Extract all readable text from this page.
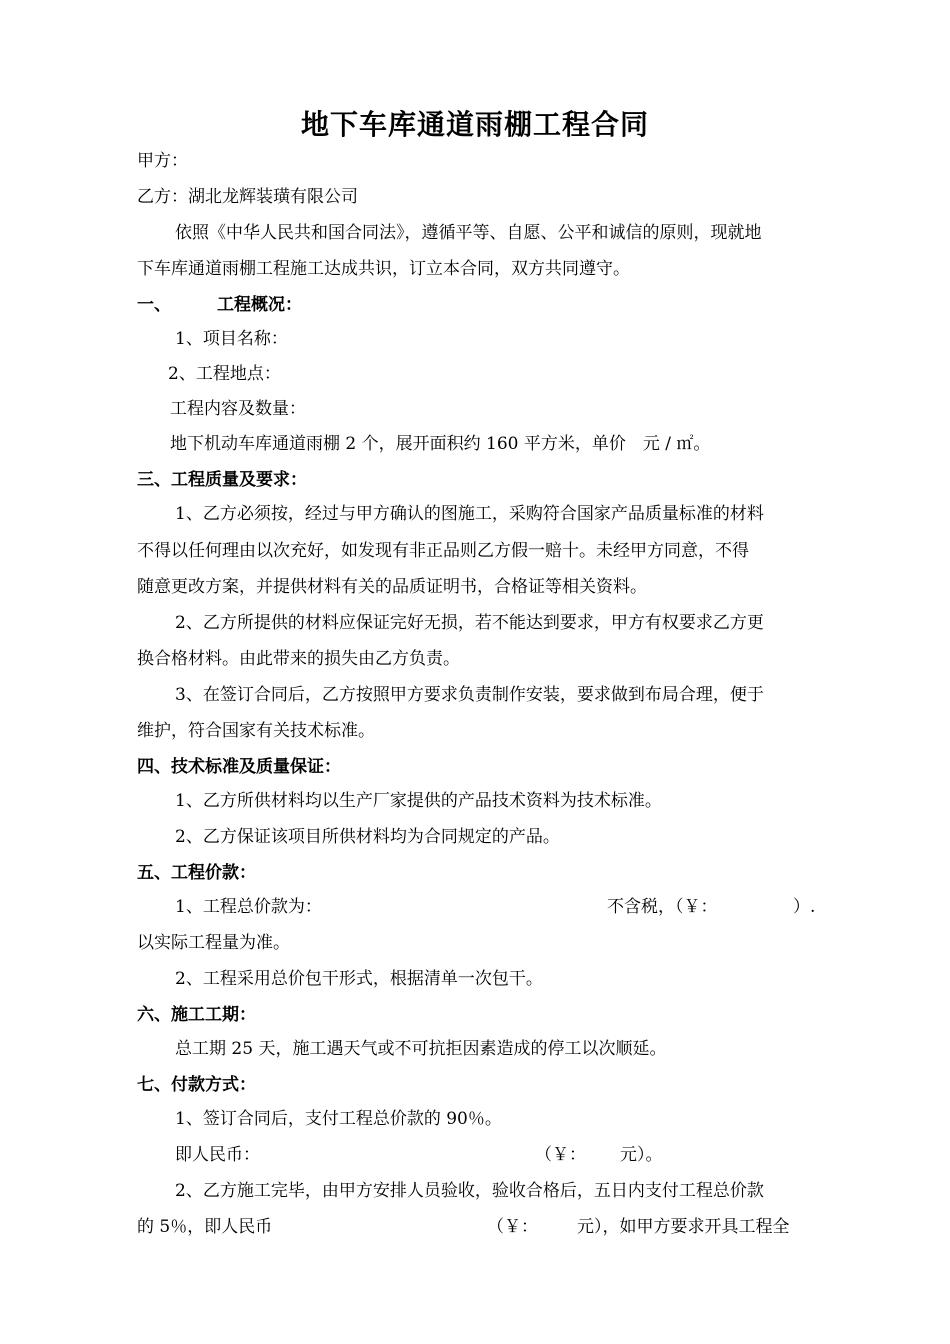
地下车库通道雨棚工程合同
甲方：
乙方：湖北龙辉装璜有限公司
依照《中华人民共和国合同法》，遵循平等、自愿、公平和诚信的原则，现就地
下车库通道雨棚工程施工达成共识，订立本合同，双方共同遵守。
一、	工程概况：
1、项目名称：
2、工程地点：
工程内容及数量：
地下机动车库通道雨棚 2 个，展开面积约 160 平方米，单价　元 / ㎡。
三、工程质量及要求：
1、乙方必须按，经过与甲方确认的图施工，采购符合国家产品质量标准的材料
不得以任何理由以次充好，如发现有非正品则乙方假一赔十。未经甲方同意，不得
随意更改方案，并提供材料有关的品质证明书，合格证等相关资料。
2、乙方所提供的材料应保证完好无损，若不能达到要求，甲方有权要求乙方更
换合格材料。由此带来的损失由乙方负责。
3、在签订合同后，乙方按照甲方要求负责制作安装，要求做到布局合理，便于
维护，符合国家有关技术标准。
四、技术标准及质量保证：
1、乙方所供材料均以生产厂家提供的产品技术资料为技术标准。
2、乙方保证该项目所供材料均为合同规定的产品。
五、工程价款：
1、工程总价款为：	不含税，（￥：	）.
以实际工程量为准。
2、工程采用总价包干形式，根据清单一次包干。
六、施工工期：
总工期 25 天，施工遇天气或不可抗拒因素造成的停工以次顺延。
七、付款方式：
1、签订合同后，支付工程总价款的 90％。
即人民币：	（￥： 元）。
2、乙方施工完毕，由甲方安排人员验收，验收合格后，五日内支付工程总价款
的 5％，即人民币	（￥： 元），如甲方要求开具工程全
